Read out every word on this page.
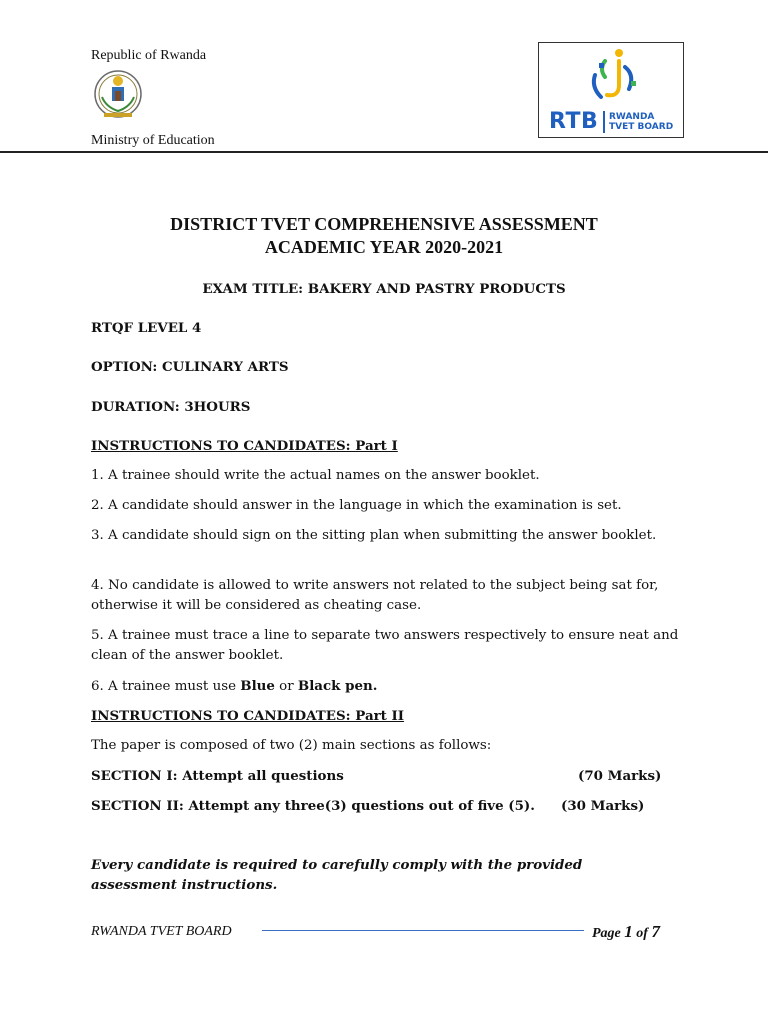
Republic of Rwanda
Ministry of Education
RTB RWANDA
TVET BOARD
DISTRICT TVET COMPREHENSIVE ASSESSMENT
ACADEMIC YEAR 2020-2021
EXAM TITLE: BAKERY AND PASTRY PRODUCTS
RTQF LEVEL 4
OPTION: CULINARY ARTS
DURATION: 3HOURS
INSTRUCTIONS TO CANDIDATES: Part I
1. A trainee should write the actual names on the answer booklet.
2. A candidate should answer in the language in which the examination is set.
3. A candidate should sign on the sitting plan when submitting the answer booklet.
4. No candidate is allowed to write answers not related to the subject being sat for, otherwise it will be considered as cheating case.
5. A trainee must trace a line to separate two answers respectively to ensure neat and clean of the answer booklet.
6. A trainee must use Blue or Black pen.
INSTRUCTIONS TO CANDIDATES: Part II
The paper is composed of two (2) main sections as follows:
SECTION I: Attempt all questions	(70 Marks)
SECTION II: Attempt any three(3) questions out of five (5).	(30 Marks)
Every candidate is required to carefully comply with the provided assessment instructions.
RWANDA TVET BOARD	Page 1 of 7
